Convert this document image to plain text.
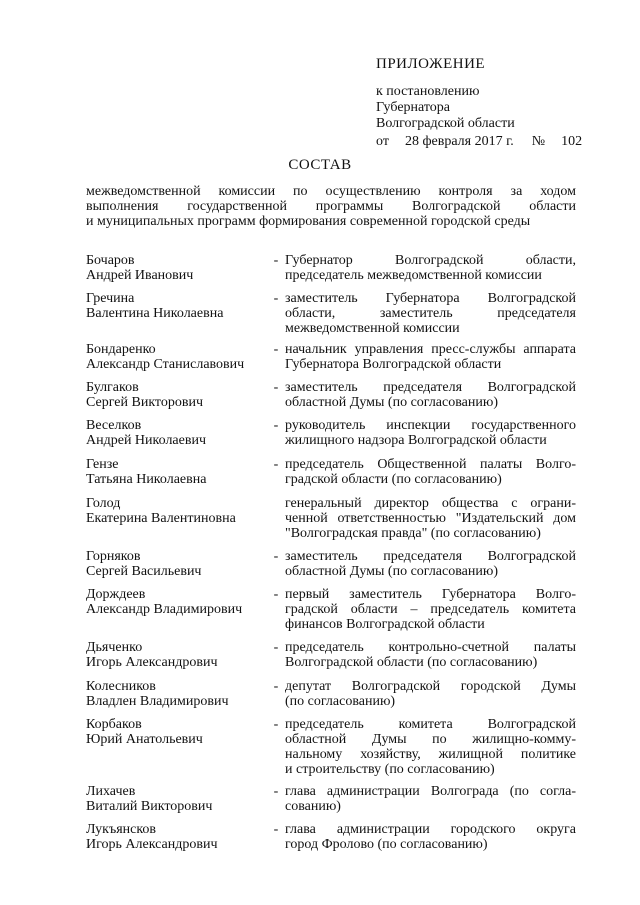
ПРИЛОЖЕНИЕ
к постановлению
Губернатора
Волгоградской области
от 28 февраля 2017 г. № 102
СОСТАВ
межведомственной комиссии по осуществлению контроля за ходом
выполнения государственной программы Волгоградской области
и муниципальных программ формирования современной городской среды
Бочаров
Андрей Иванович
- Губернатор Волгоградской области,
председатель межведомственной комиссии
Гречина
Валентина Николаевна
- заместитель Губернатора Волгоградской
области, заместитель председателя
межведомственной комиссии
Бондаренко
Александр Станиславович
- начальник управления пресс-службы аппарата
Губернатора Волгоградской области
Булгаков
Сергей Викторович
- заместитель председателя Волгоградской
областной Думы (по согласованию)
Веселков
Андрей Николаевич
- руководитель инспекции государственного
жилищного надзора Волгоградской области
Гензе
Татьяна Николаевна
- председатель Общественной палаты Волго-
градской области (по согласованию)
Голод
Екатерина Валентиновна
генеральный директор общества с ограни-
ченной ответственностью "Издательский дом
"Волгоградская правда" (по согласованию)
Горняков
Сергей Васильевич
- заместитель председателя Волгоградской
областной Думы (по согласованию)
Дорждеев
Александр Владимирович
- первый заместитель Губернатора Волго-
градской области – председатель комитета
финансов Волгоградской области
Дьяченко
Игорь Александрович
- председатель контрольно-счетной палаты
Волгоградской области (по согласованию)
Колесников
Владлен Владимирович
- депутат Волгоградской городской Думы
(по согласованию)
Корбаков
Юрий Анатольевич
- председатель комитета Волгоградской
областной Думы по жилищно-комму-
нальному хозяйству, жилищной политике
и строительству (по согласованию)
Лихачев
Виталий Викторович
- глава администрации Волгограда (по согла-
сованию)
Лукъянсков
Игорь Александрович
- глава администрации городского округа
город Фролово (по согласованию)
